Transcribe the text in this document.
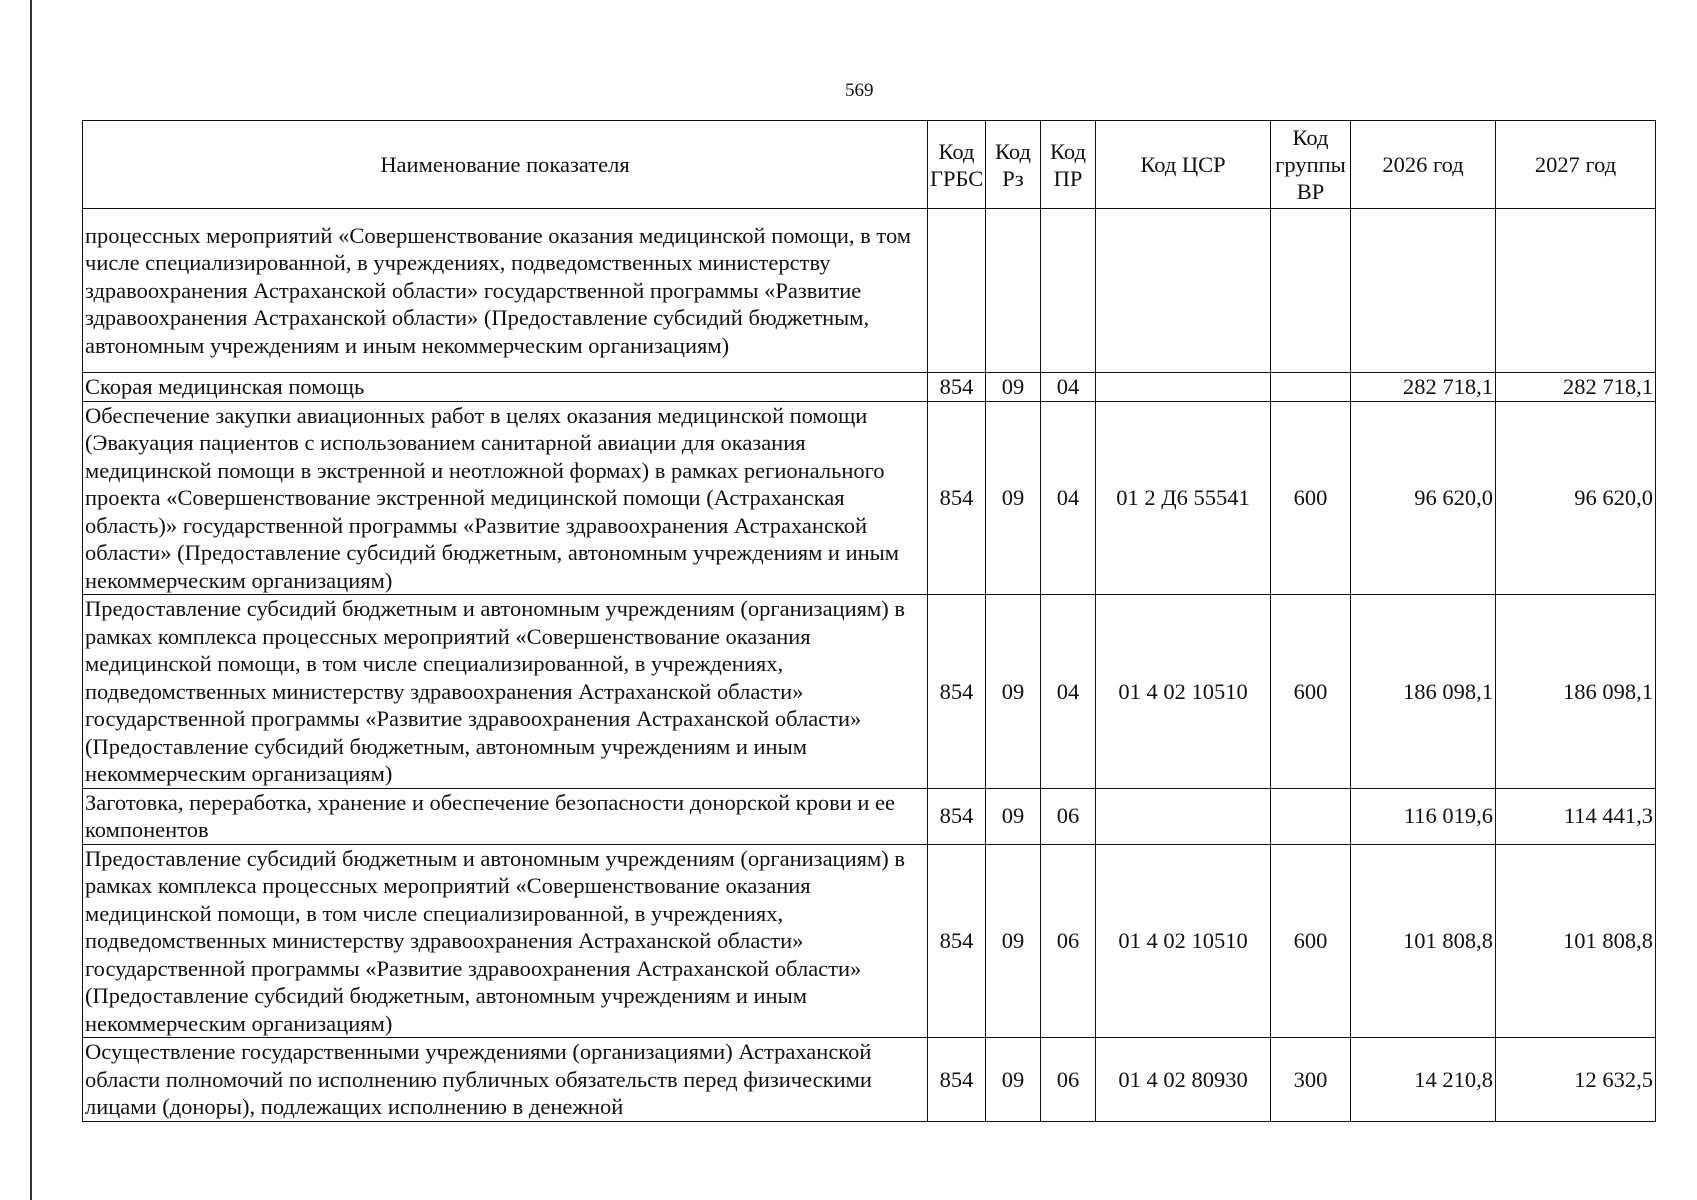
569
Наименование показателя	Код ГРБС	Код Рз	Код ПР	Код ЦСР	Код группы ВР	2026 год	2027 год
процессных мероприятий «Совершенствование оказания медицинской помощи, в том числе специализированной, в учреждениях, подведомственных министерству здравоохранения Астраханской области» государственной программы «Развитие здравоохранения Астраханской области» (Предоставление субсидий бюджетным, автономным учреждениям и иным некоммерческим организациям)							
Скорая медицинская помощь	854	09	04			282 718,1	282 718,1
Обеспечение закупки авиационных работ в целях оказания медицинской помощи (Эвакуация пациентов с использованием санитарной авиации для оказания медицинской помощи в экстренной и неотложной формах) в рамках регионального проекта «Совершенствование экстренной медицинской помощи (Астраханская область)» государственной программы «Развитие здравоохранения Астраханской области» (Предоставление субсидий бюджетным, автономным учреждениям и иным некоммерческим организациям)	854	09	04	01 2 Д6 55541	600	96 620,0	96 620,0
Предоставление субсидий бюджетным и автономным учреждениям (организациям) в рамках комплекса процессных мероприятий «Совершенствование оказания медицинской помощи, в том числе специализированной, в учреждениях, подведомственных министерству здравоохранения Астраханской области» государственной программы «Развитие здравоохранения Астраханской области» (Предоставление субсидий бюджетным, автономным учреждениям и иным некоммерческим организациям)	854	09	04	01 4 02 10510	600	186 098,1	186 098,1
Заготовка, переработка, хранение и обеспечение безопасности донорской крови и ее компонентов	854	09	06			116 019,6	114 441,3
Предоставление субсидий бюджетным и автономным учреждениям (организациям) в рамках комплекса процессных мероприятий «Совершенствование оказания медицинской помощи, в том числе специализированной, в учреждениях, подведомственных министерству здравоохранения Астраханской области» государственной программы «Развитие здравоохранения Астраханской области» (Предоставление субсидий бюджетным, автономным учреждениям и иным некоммерческим организациям)	854	09	06	01 4 02 10510	600	101 808,8	101 808,8
Осуществление государственными учреждениями (организациями) Астраханской области полномочий по исполнению публичных обязательств перед физическими лицами (доноры), подлежащих исполнению в денежной	854	09	06	01 4 02 80930	300	14 210,8	12 632,5
